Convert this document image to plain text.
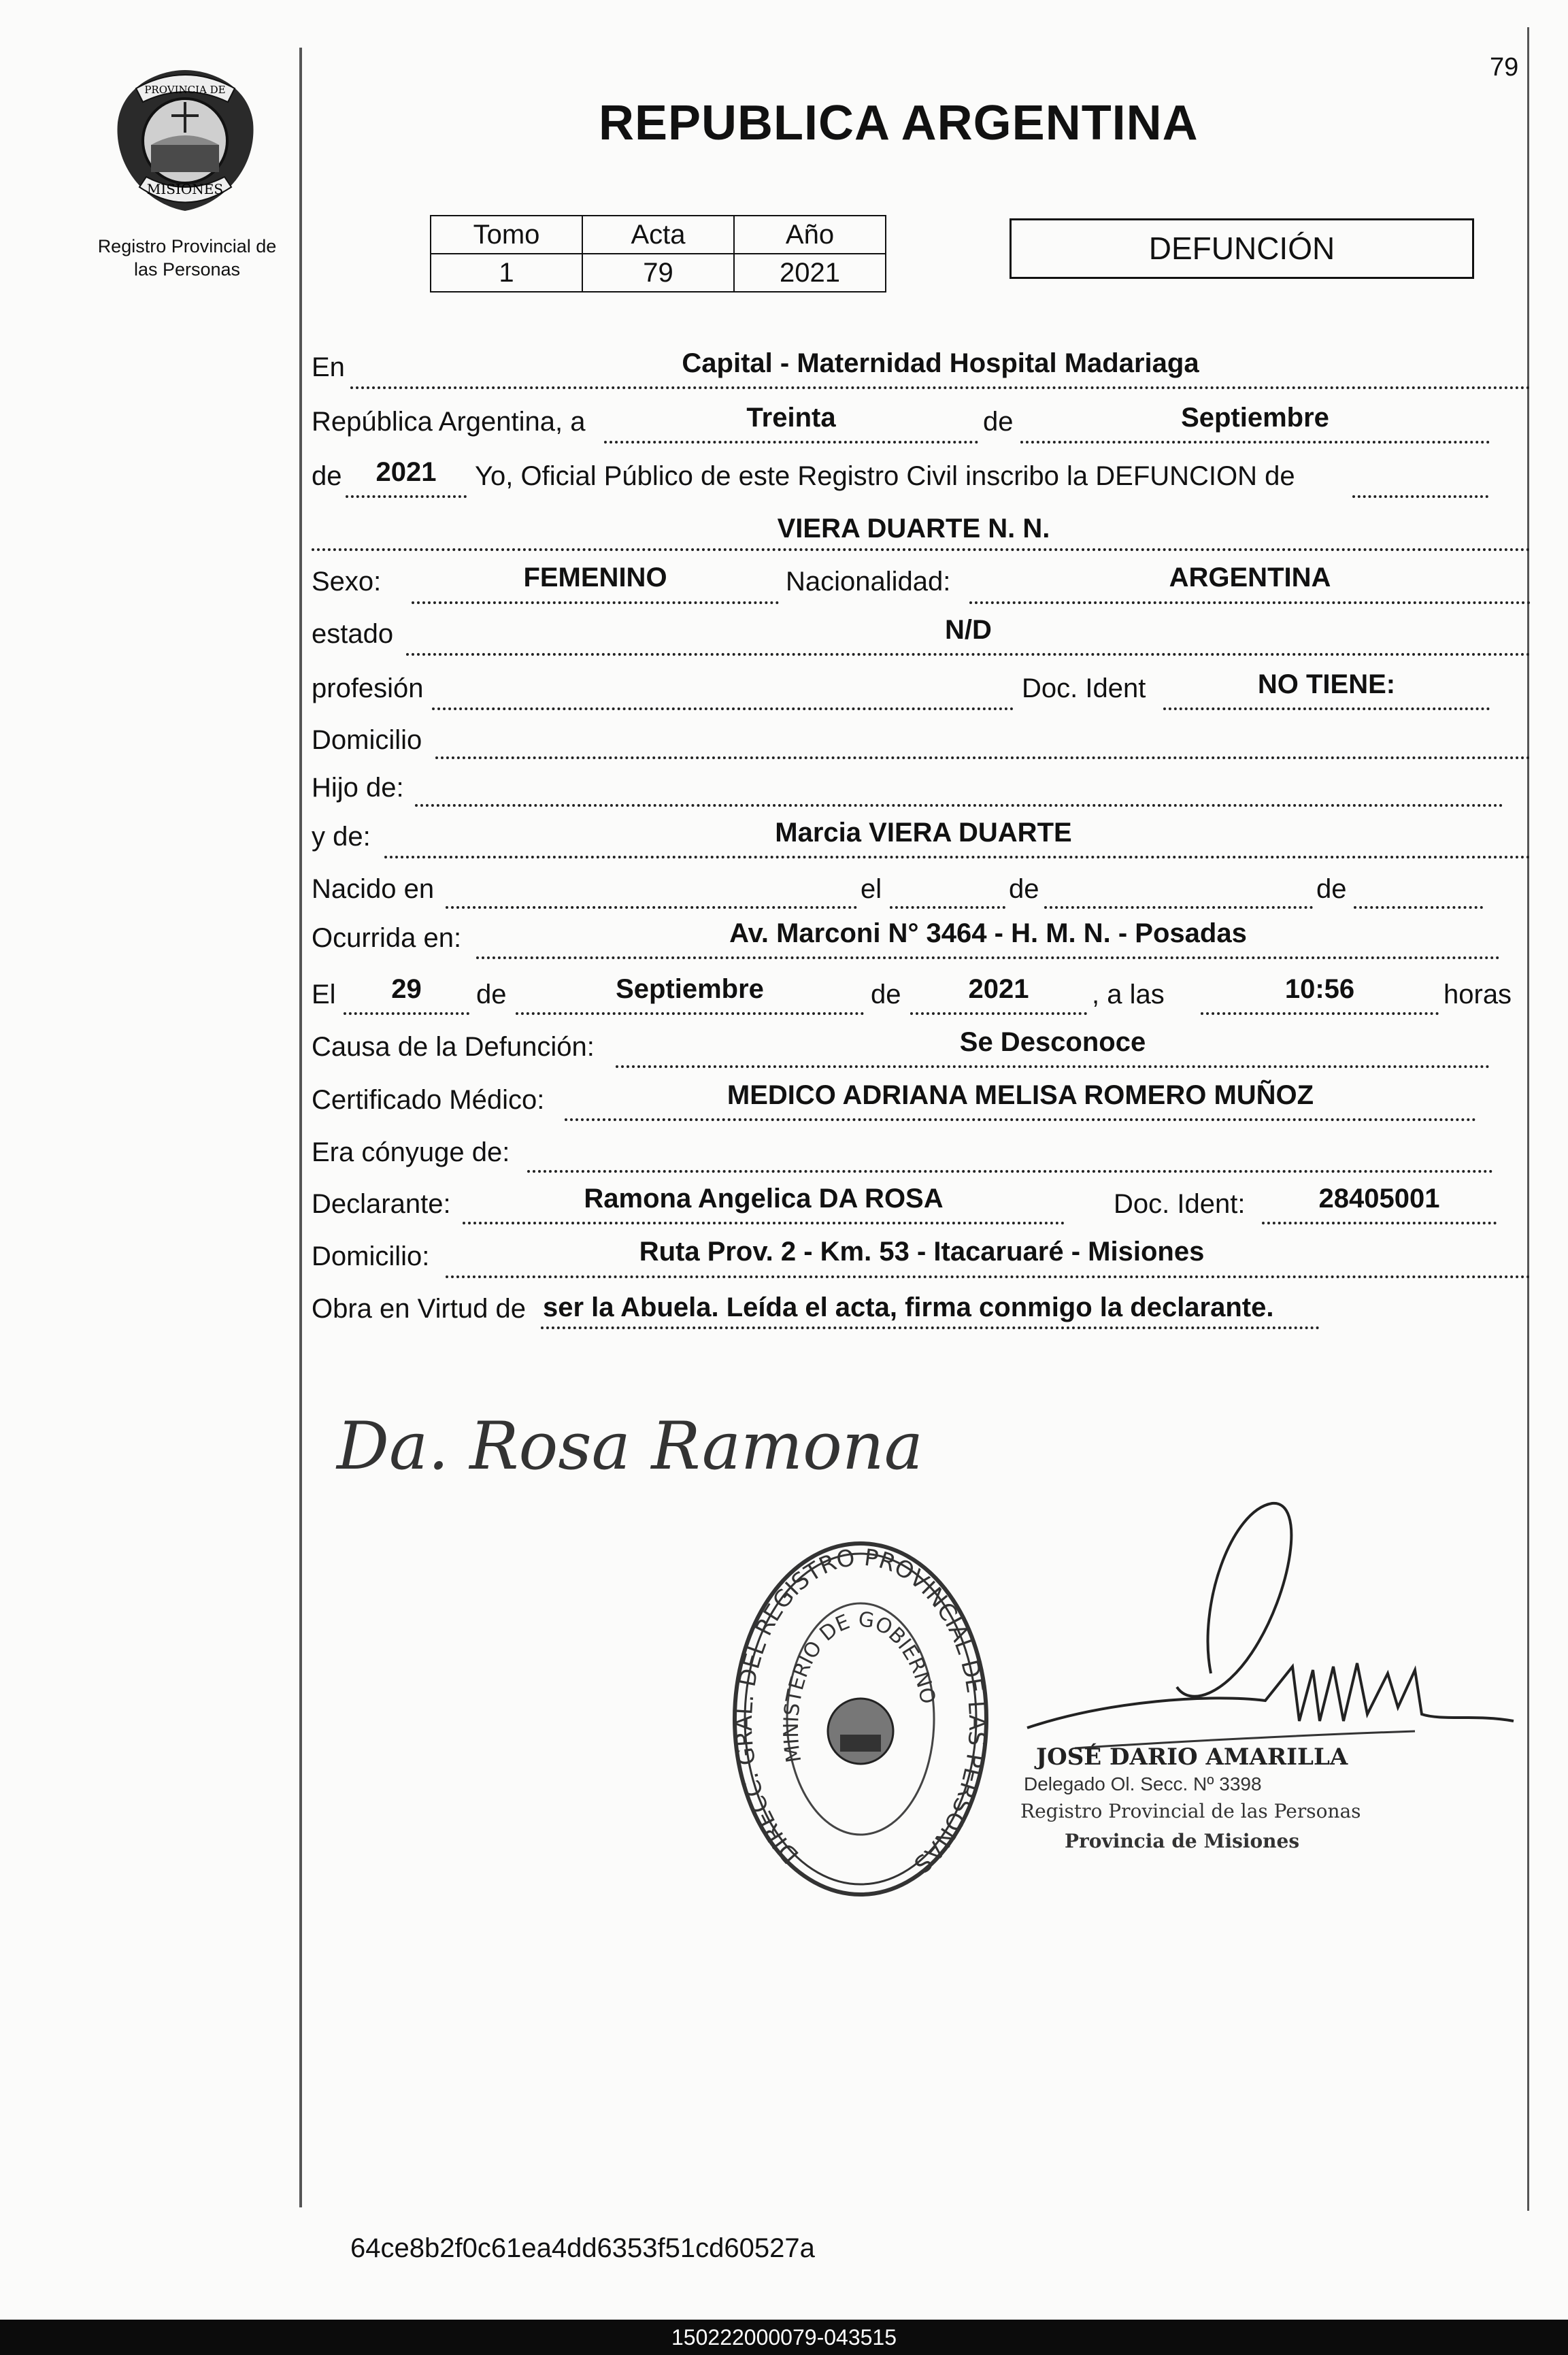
79
PROVINCIA DE
MISIONES
Registro Provincial de
las Personas
REPUBLICA ARGENTINA
Tomo	Acta	Año
1	79	2021
DEFUNCIÓN
En	Capital - Maternidad Hospital Madariaga
República Argentina, a	Treinta	de	Septiembre
de	2021	Yo, Oficial Público de este Registro Civil inscribo la DEFUNCION de
VIERA DUARTE N. N.
Sexo:	FEMENINO	Nacionalidad:	ARGENTINA
estado	N/D
profesión	Doc. Ident	NO TIENE:
Domicilio
Hijo de:
y de:	Marcia VIERA DUARTE
Nacido en	el	de	de
Ocurrida en:	Av. Marconi N° 3464 - H. M. N. - Posadas
El	29	de	Septiembre	de	2021	, a las	10:56	horas
Causa de la Defunción:	Se Desconoce
Certificado Médico:	MEDICO ADRIANA MELISA ROMERO MUÑOZ
Era cónyuge de:
Declarante:	Ramona Angelica DA ROSA	Doc. Ident:	28405001
Domicilio:	Ruta Prov. 2 - Km. 53 - Itacaruaré - Misiones
Obra en Virtud de ser la Abuela. Leída el acta, firma conmigo la declarante.
Da. Rosa Ramona
DIRECC. GRAL. DEL REGISTRO PROVINCIAL DE LAS PERSONAS
MINISTERIO DE GOBIERNO
JOSÉ DARIO AMARILLA
Delegado Ol. Secc. Nº 3398
Registro Provincial de las Personas
Provincia de Misiones
64ce8b2f0c61ea4dd6353f51cd60527a
150222000079-043515
